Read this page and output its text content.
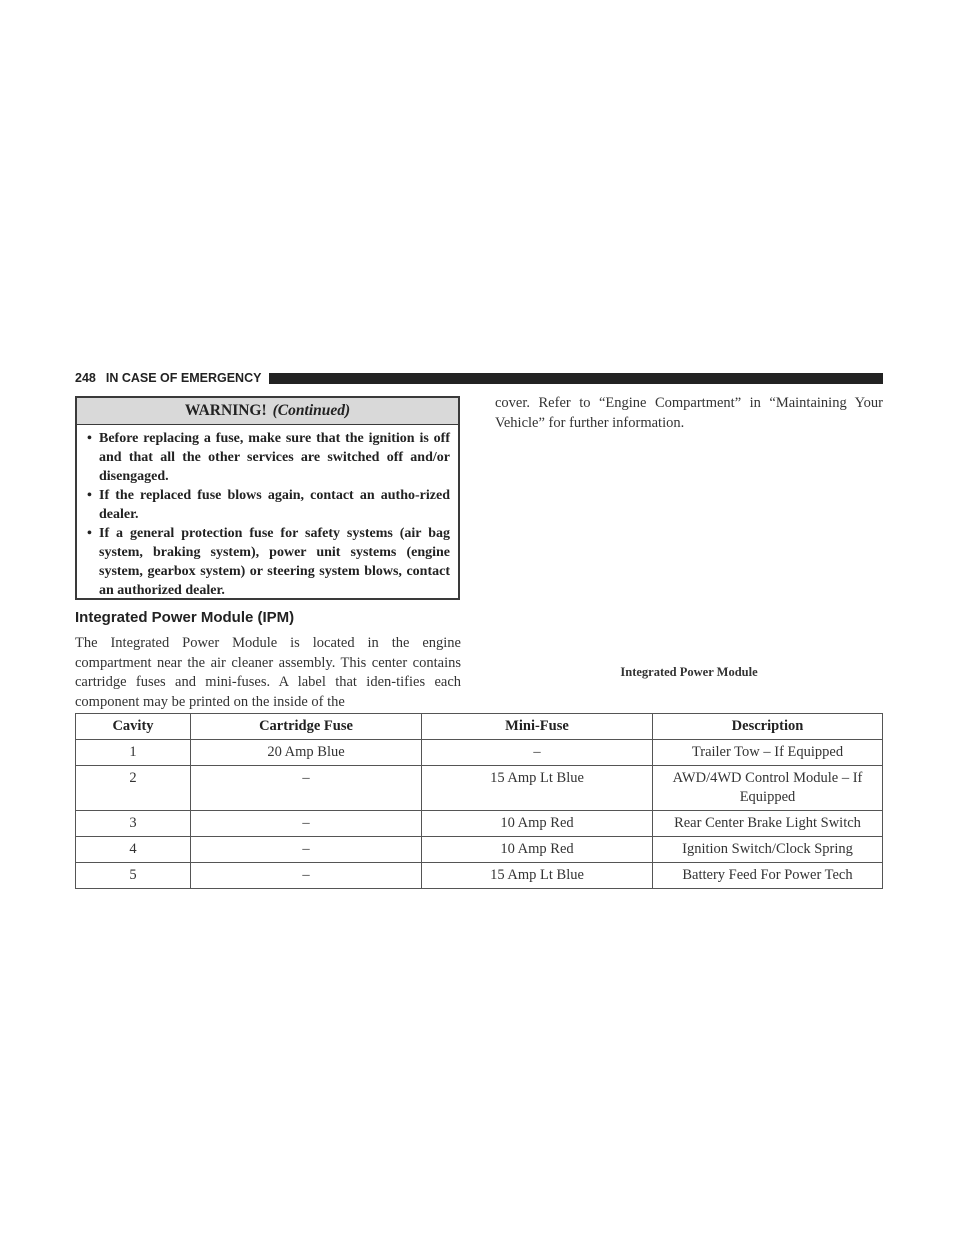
248 IN CASE OF EMERGENCY
WARNING! (Continued)
• Before replacing a fuse, make sure that the ignition is off and that all the other services are switched off and/or disengaged.
• If the replaced fuse blows again, contact an autho-rized dealer.
• If a general protection fuse for safety systems (air bag system, braking system), power unit systems (engine system, gearbox system) or steering system blows, contact an authorized dealer.
Integrated Power Module (IPM)
The Integrated Power Module is located in the engine compartment near the air cleaner assembly. This center contains cartridge fuses and mini-fuses. A label that iden-tifies each component may be printed on the inside of the
cover. Refer to “Engine Compartment” in “Maintaining Your Vehicle” for further information.
Integrated Power Module
Cavity	Cartridge Fuse	Mini-Fuse	Description
1	20 Amp Blue	–	Trailer Tow – If Equipped
2	–	15 Amp Lt Blue	AWD/4WD Control Module – If Equipped
3	–	10 Amp Red	Rear Center Brake Light Switch
4	–	10 Amp Red	Ignition Switch/Clock Spring
5	–	15 Amp Lt Blue	Battery Feed For Power Tech
